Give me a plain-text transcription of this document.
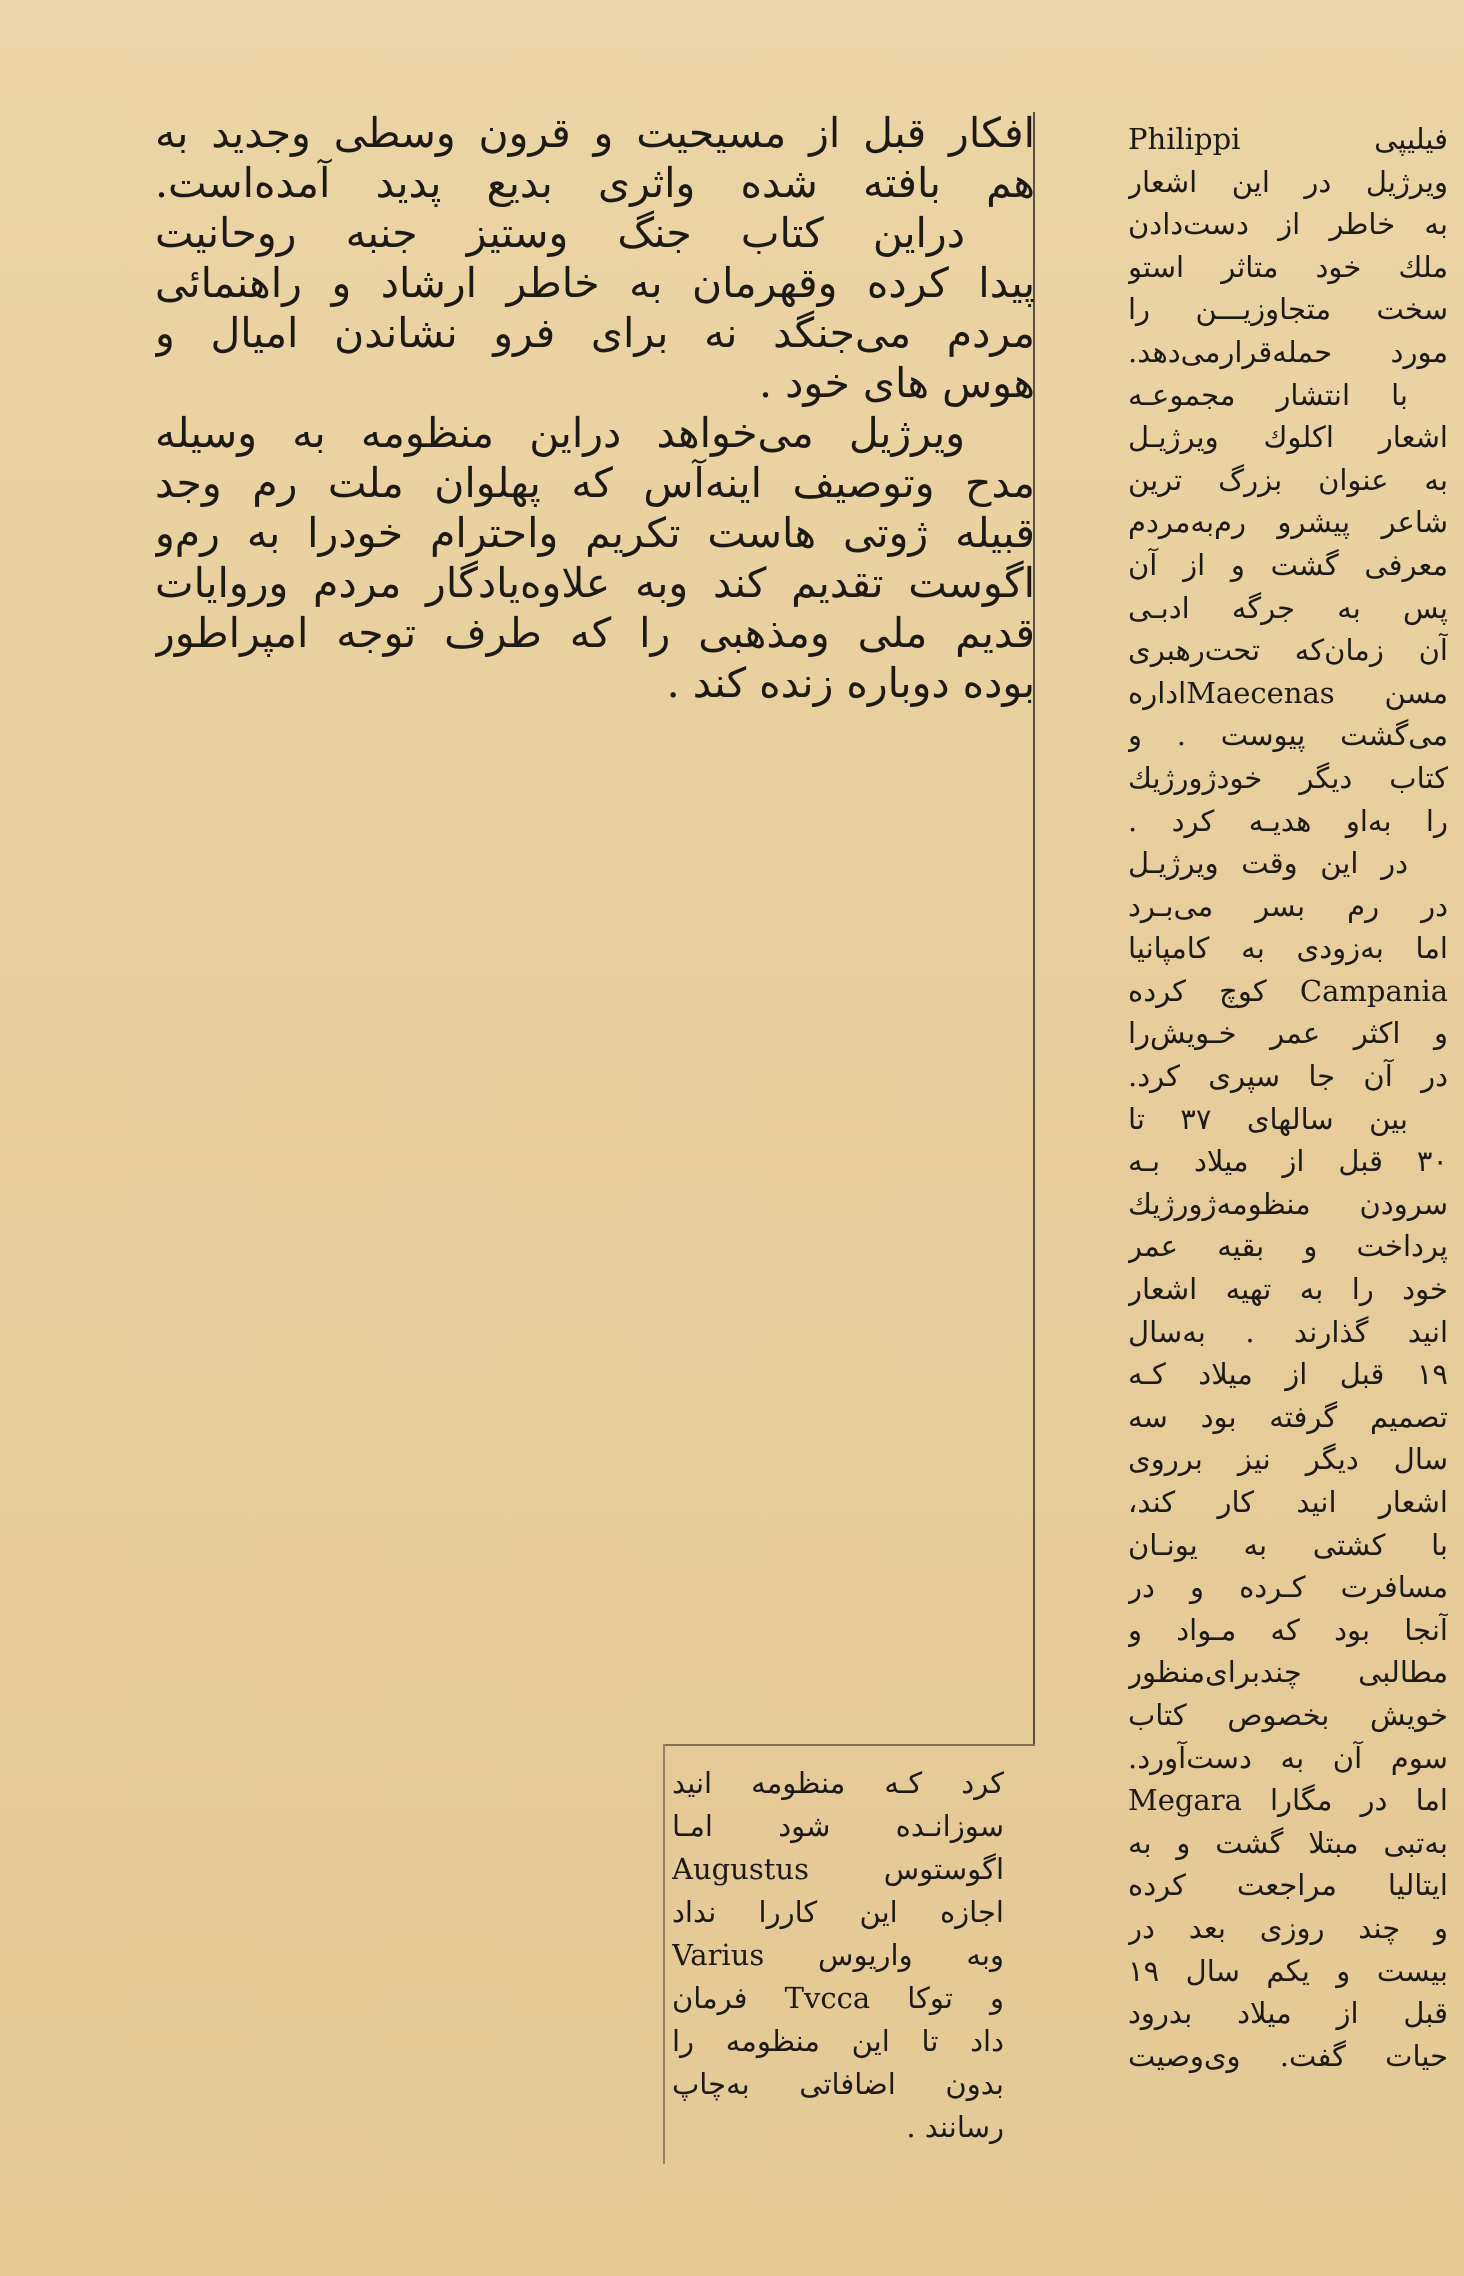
افکار قبل از مسیحیت و قرون وسطی وجدید به
هم بافته شده واثری بدیع پدید آمده‌است.
دراین کتاب جنگ وستیز جنبه روحانیت
پیدا کرده وقهرمان به خاطر ارشاد و راهنمائی
مردم می‌جنگد نه برای فرو نشاندن امیال و
هوس های خود .
ویرژیل می‌خواهد دراین منظومه به وسیله
مدح وتوصیف اینه‌آس که پهلوان ملت رم وجد
قبیله ژوتی هاست تکریم واحترام خودرا به رم‌و
اگوست تقدیم کند وبه علاوه‌یادگار مردم وروایات
قدیم ملی ومذهبی را که طرف توجه امپراطور
بوده دوباره زنده کند .
فیلیپی Philippi
ویرژیل در این اشعار
به خاطر از دست‌دادن
ملك خود متاثر استو
سخت متجاوزیـــن را
مورد حمله‌قرارمی‌دهد.
با انتشار مجموعـه
اشعار اکلوك ویرژیـل
به عنوان بزرگ ترین
شاعر پیشرو رم‌به‌مردم
معرفی گشت و از آن
پس به جرگه ادبـی
آن زمان‌که تحت‌رهبری
مسن Maecenasاداره
می‌گشت پیوست . و
کتاب دیگر خودژورژیك
را به‌او هدیـه کرد .
در این وقت ویرژیـل
در رم بسر می‌بـرد
اما به‌زودی به کامپانیا
Campania کوچ کرده
و اکثر عمر خـویش‌را
در آن جا سپری کرد.
بین سالهای ۳۷ تا
۳۰ قبل از میلاد بـه
سرودن منظومه‌ژورژیك
پرداخت و بقیه عمر
خود را به تهیه اشعار
انید گذارند . به‌سال
۱۹ قبل از میلاد کـه
تصمیم گرفته بود سه
سال دیگر نیز برروی
اشعار انید کار کند،
با کشتی به یونـان
مسافرت کـرده و در
آنجا بود که مـواد و
مطالبی چندبرای‌منظور
خویش بخصوص کتاب
سوم آن به دست‌آورد.
اما در مگارا Megara
به‌تبی مبتلا گشت و به
ایتالیا مراجعت کرده
و چند روزی بعد در
بیست و یکم سال ۱۹
قبل از میلاد بدرود
حیات گفت. وی‌وصیت
کرد کـه منظومه انید
سوزانـده شود امـا
اگوستوس Augustus
اجازه این کاررا نداد
وبه واریوس Varius
و توکا Tvcca فرمان
داد تا این منظومه را
بدون اضافاتی به‌چاپ
رسانند .
